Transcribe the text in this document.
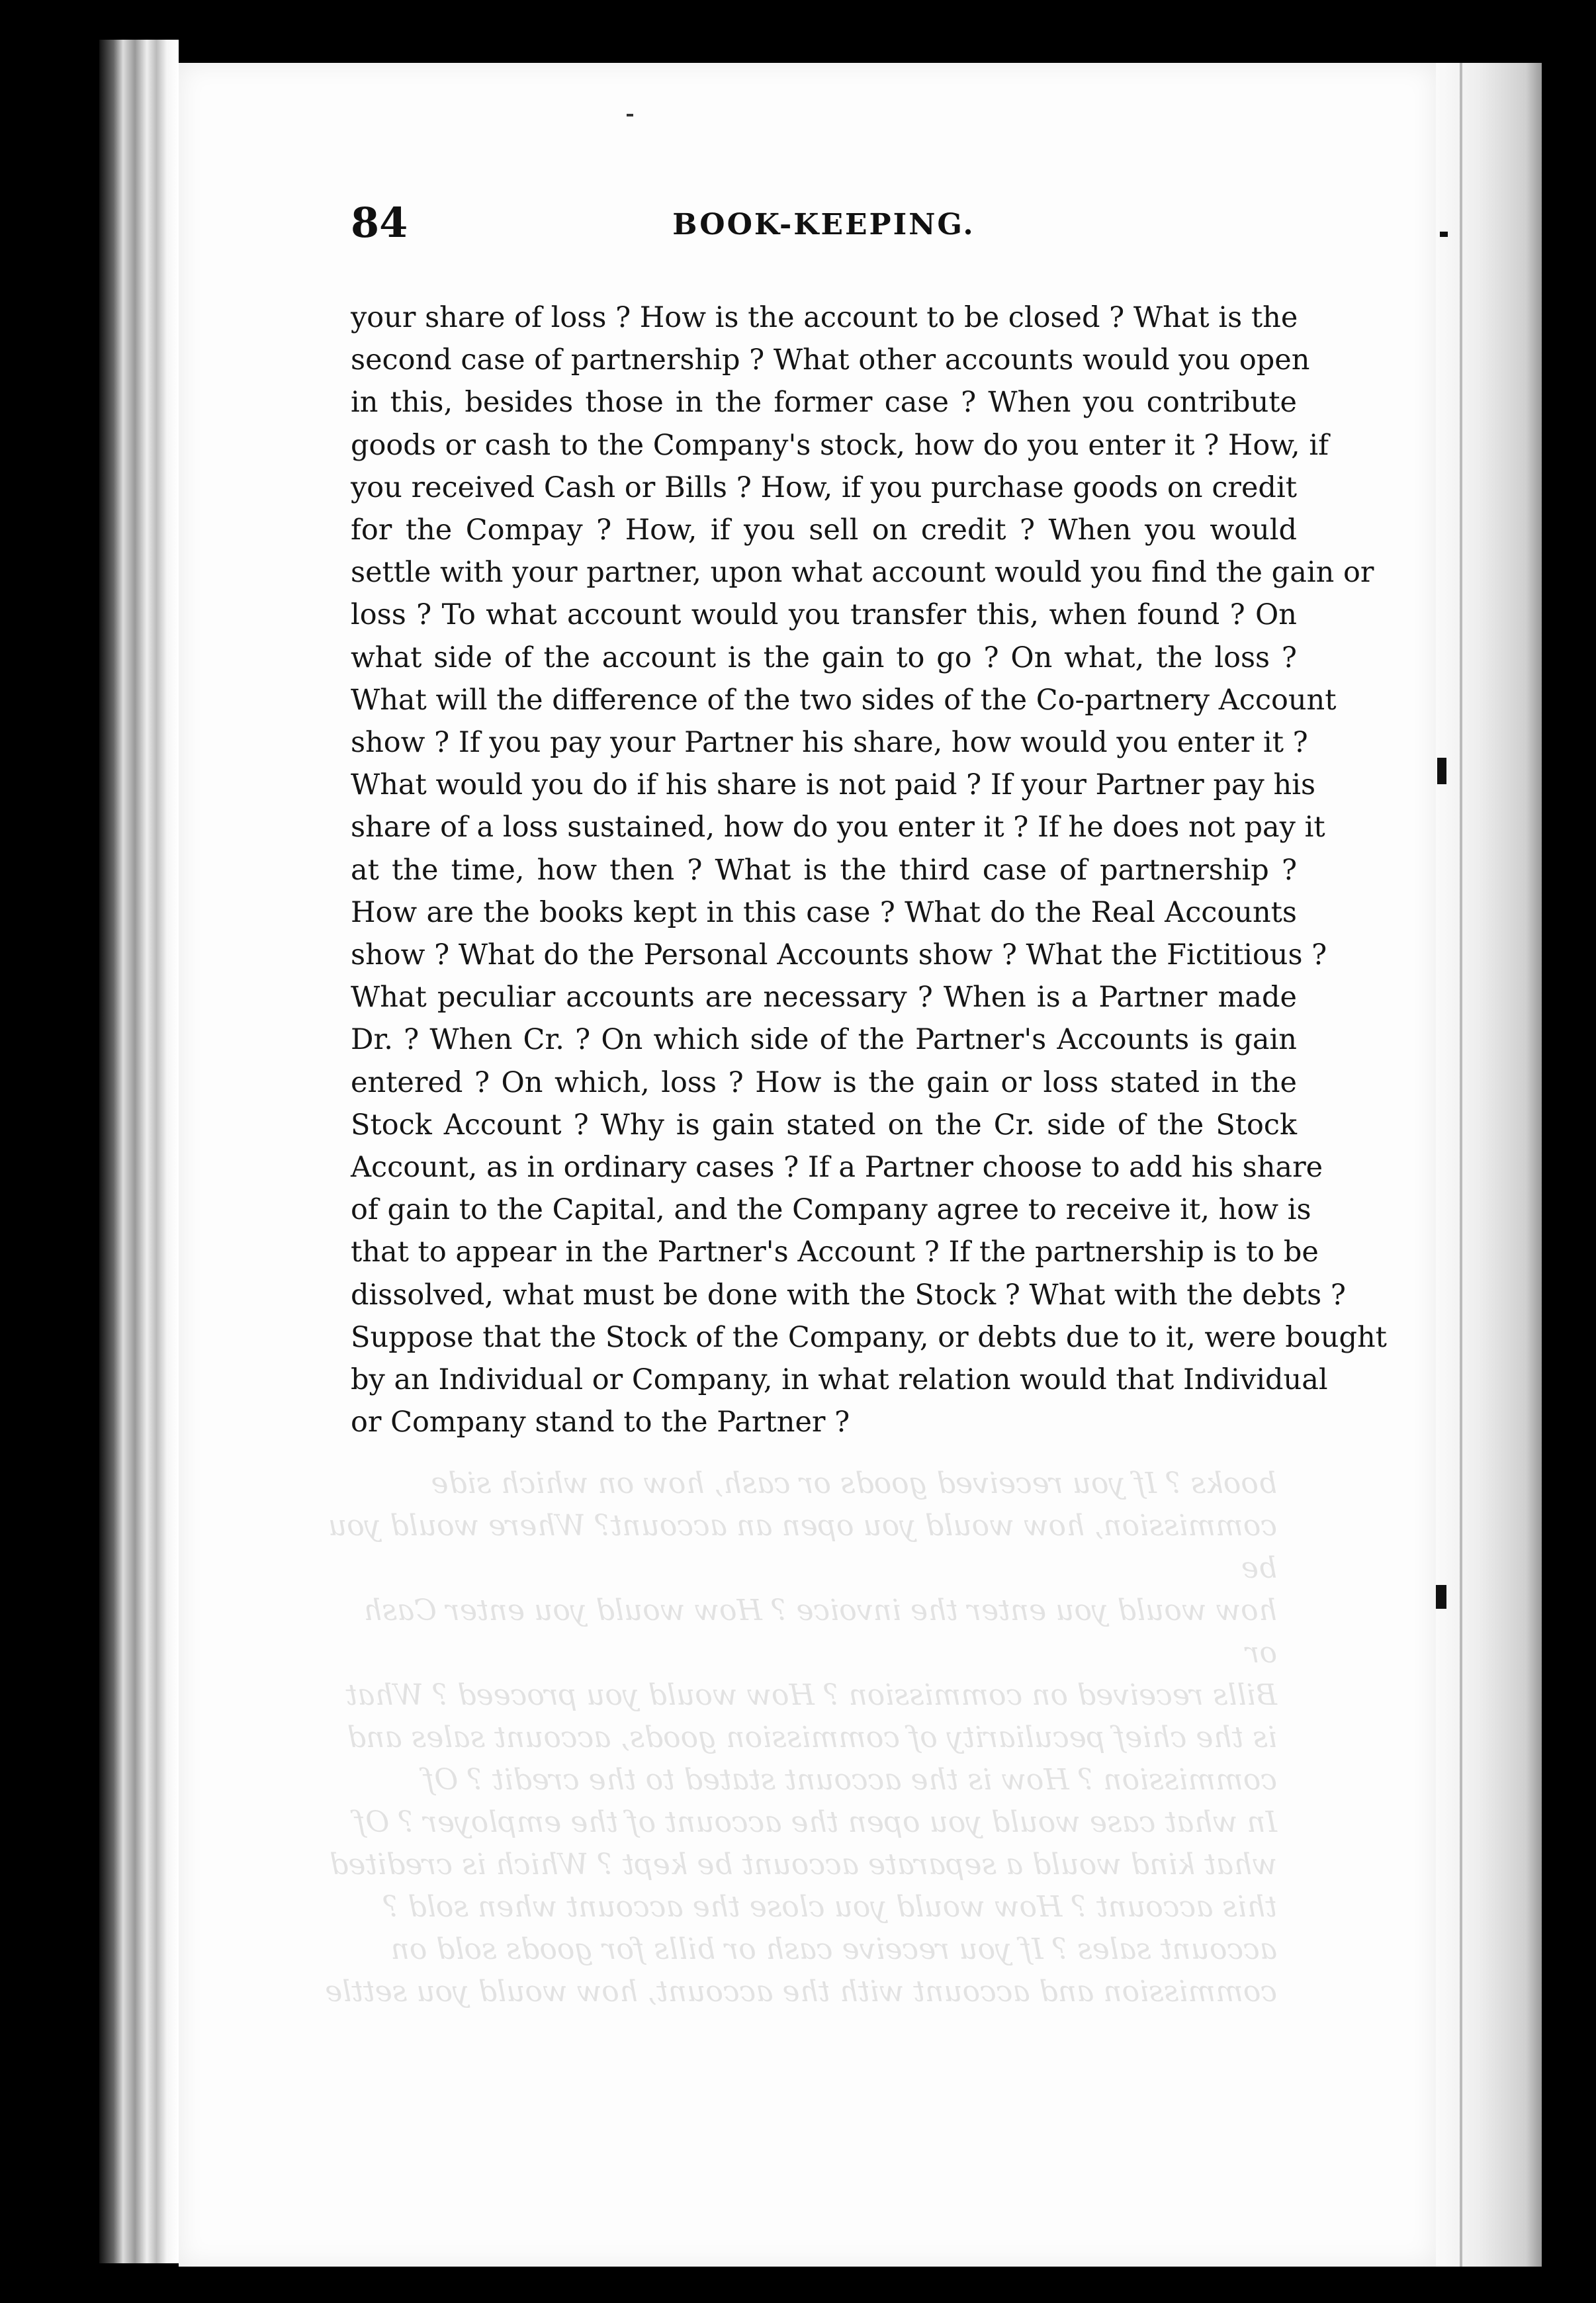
books ? If you received goods or cash, how on which side
commission, how would you open an account? Where would you be
how would you enter the invoice ? How would you enter Cash or
Bills received on commission ? How would you proceed ? What
is the chief peculiarity of commission goods, account sales and
commission ? How is the account stated to the credit ? Of
In what case would you open the account of the employer ? Of
what kind would a separate account be kept ? Which is credited
this account ? How would you close the account when sold ?
account sales ? If you receive cash or bills for goods sold on
commission and account with the account, how would you settle
84	BOOK-KEEPING.
your share of loss ? How is the account to be closed ? What is the
second case of partnership ? What other accounts would you open
in this, besides those in the former case ? When you contribute
goods or cash to the Company's stock, how do you enter it ? How, if
you received Cash or Bills ? How, if you purchase goods on credit
for the Compay ? How, if you sell on credit ? When you would
settle with your partner, upon what account would you find the gain or
loss ? To what account would you transfer this, when found ? On
what side of the account is the gain to go ? On what, the loss ?
What will the difference of the two sides of the Co-partnery Account
show ? If you pay your Partner his share, how would you enter it ?
What would you do if his share is not paid ? If your Partner pay his
share of a loss sustained, how do you enter it ? If he does not pay it
at the time, how then ? What is the third case of partnership ?
How are the books kept in this case ? What do the Real Accounts
show ? What do the Personal Accounts show ? What the Fictitious ?
What peculiar accounts are necessary ? When is a Partner made
Dr. ? When Cr. ? On which side of the Partner's Accounts is gain
entered ? On which, loss ? How is the gain or loss stated in the
Stock Account ? Why is gain stated on the Cr. side of the Stock
Account, as in ordinary cases ? If a Partner choose to add his share
of gain to the Capital, and the Company agree to receive it, how is
that to appear in the Partner's Account ? If the partnership is to be
dissolved, what must be done with the Stock ? What with the debts ?
Suppose that the Stock of the Company, or debts due to it, were bought
by an Individual or Company, in what relation would that Individual
or Company stand to the Partner ?
